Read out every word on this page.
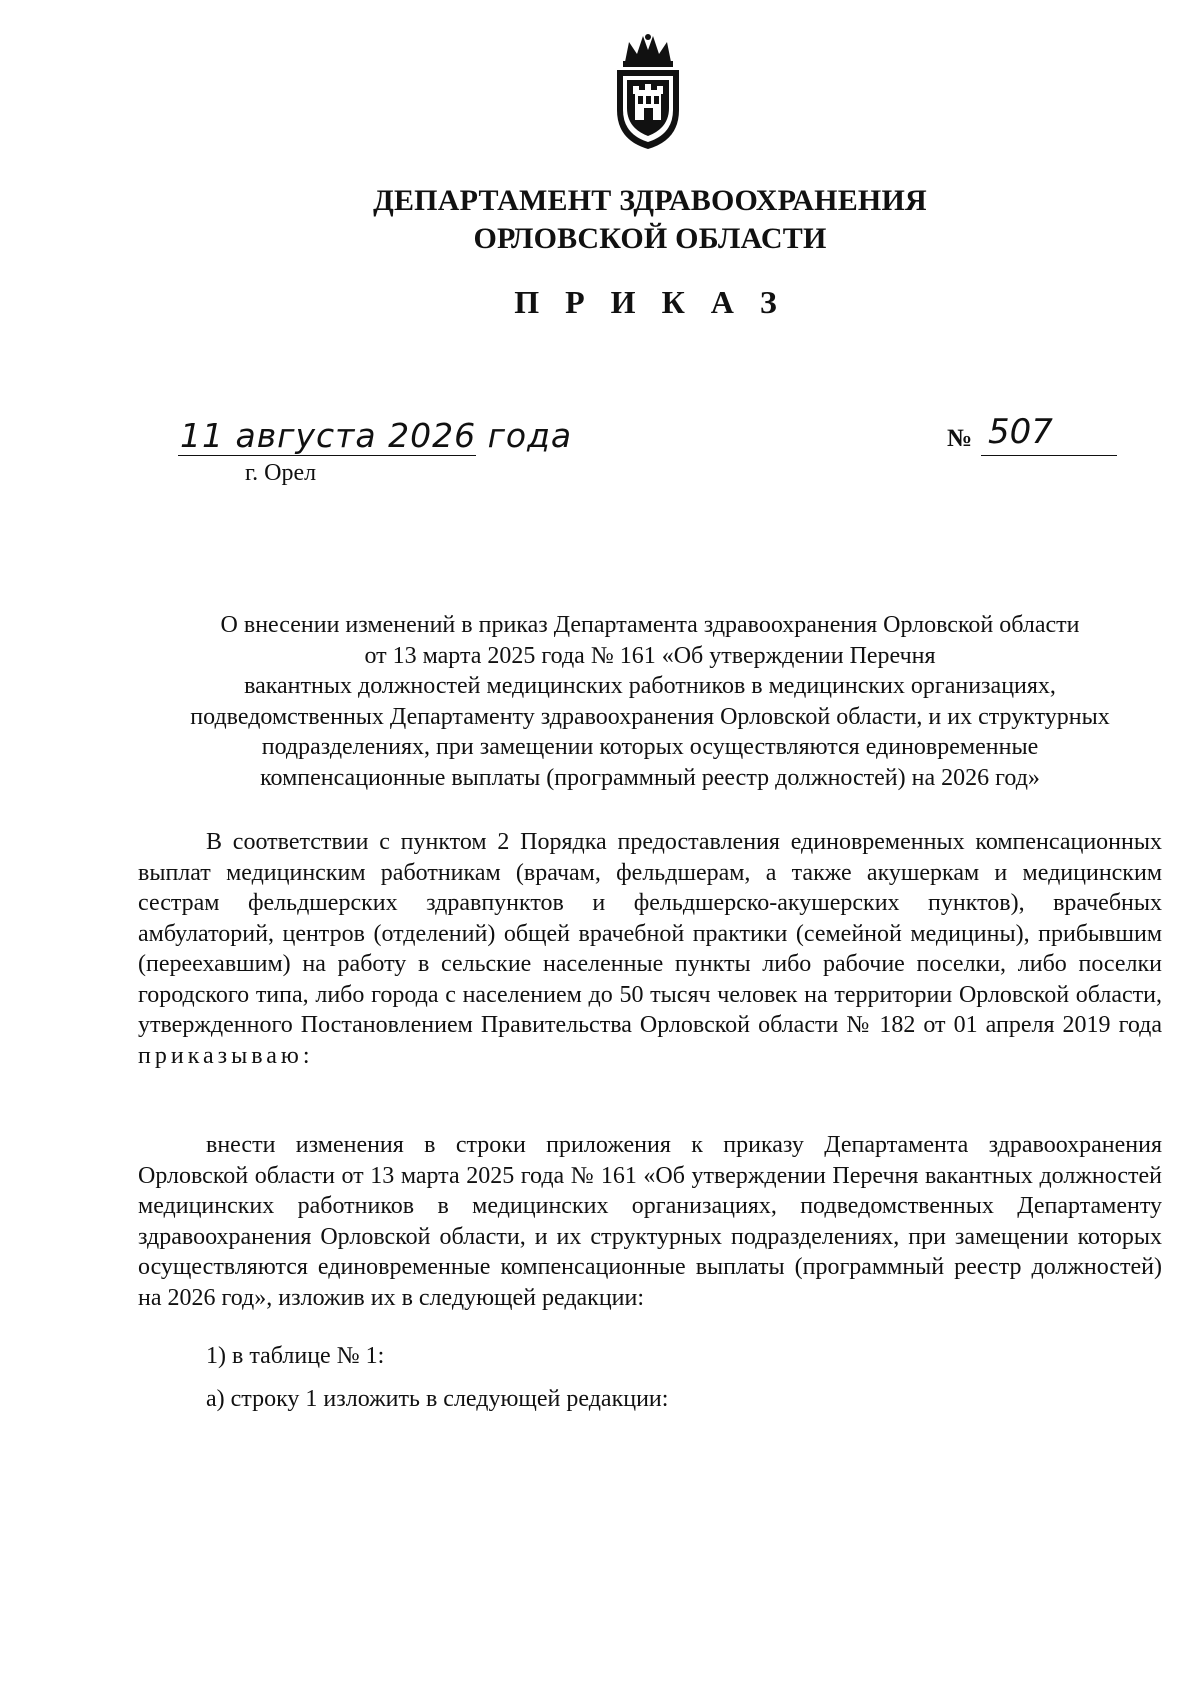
ДЕПАРТАМЕНТ ЗДРАВООХРАНЕНИЯ
ОРЛОВСКОЙ ОБЛАСТИ
П Р И К А З
11 августа 2026 года
г. Орел
№ 507

О внесении изменений в приказ Департамента здравоохранения Орловской области

от 13 марта 2025 года № 161 «Об утверждении Перечня

вакантных должностей медицинских работников в медицинских организациях,

подведомственных Департаменту здравоохранения Орловской области, и их структурных

подразделениях, при замещении которых осуществляются единовременные

компенсационные выплаты (программный реестр должностей) на 2026 год»

В соответствии с пунктом 2 Порядка предоставления единовременных компенсационных выплат медицинским работникам (врачам, фельдшерам, а также акушеркам и медицинским сестрам фельдшерских здравпунктов и фельдшерско-акушерских пунктов), врачебных амбулаторий, центров (отделений) общей врачебной практики (семейной медицины), прибывшим (переехавшим) на работу в сельские населенные пункты либо рабочие поселки, либо поселки городского типа, либо города с населением до 50 тысяч человек на территории Орловской области, утвержденного Постановлением Правительства Орловской области № 182 от 01 апреля 2019 года приказываю:

внести изменения в строки приложения к приказу Департамента здравоохранения Орловской области от 13 марта 2025 года № 161 «Об утверждении Перечня вакантных должностей медицинских работников в медицинских организациях, подведомственных Департаменту здравоохранения Орловской области, и их структурных подразделениях, при замещении которых осуществляются единовременные компенсационные выплаты (программный реестр должностей) на 2026 год», изложив их в следующей редакции:

1) в таблице № 1:
а) строку 1 изложить в следующей редакции:
